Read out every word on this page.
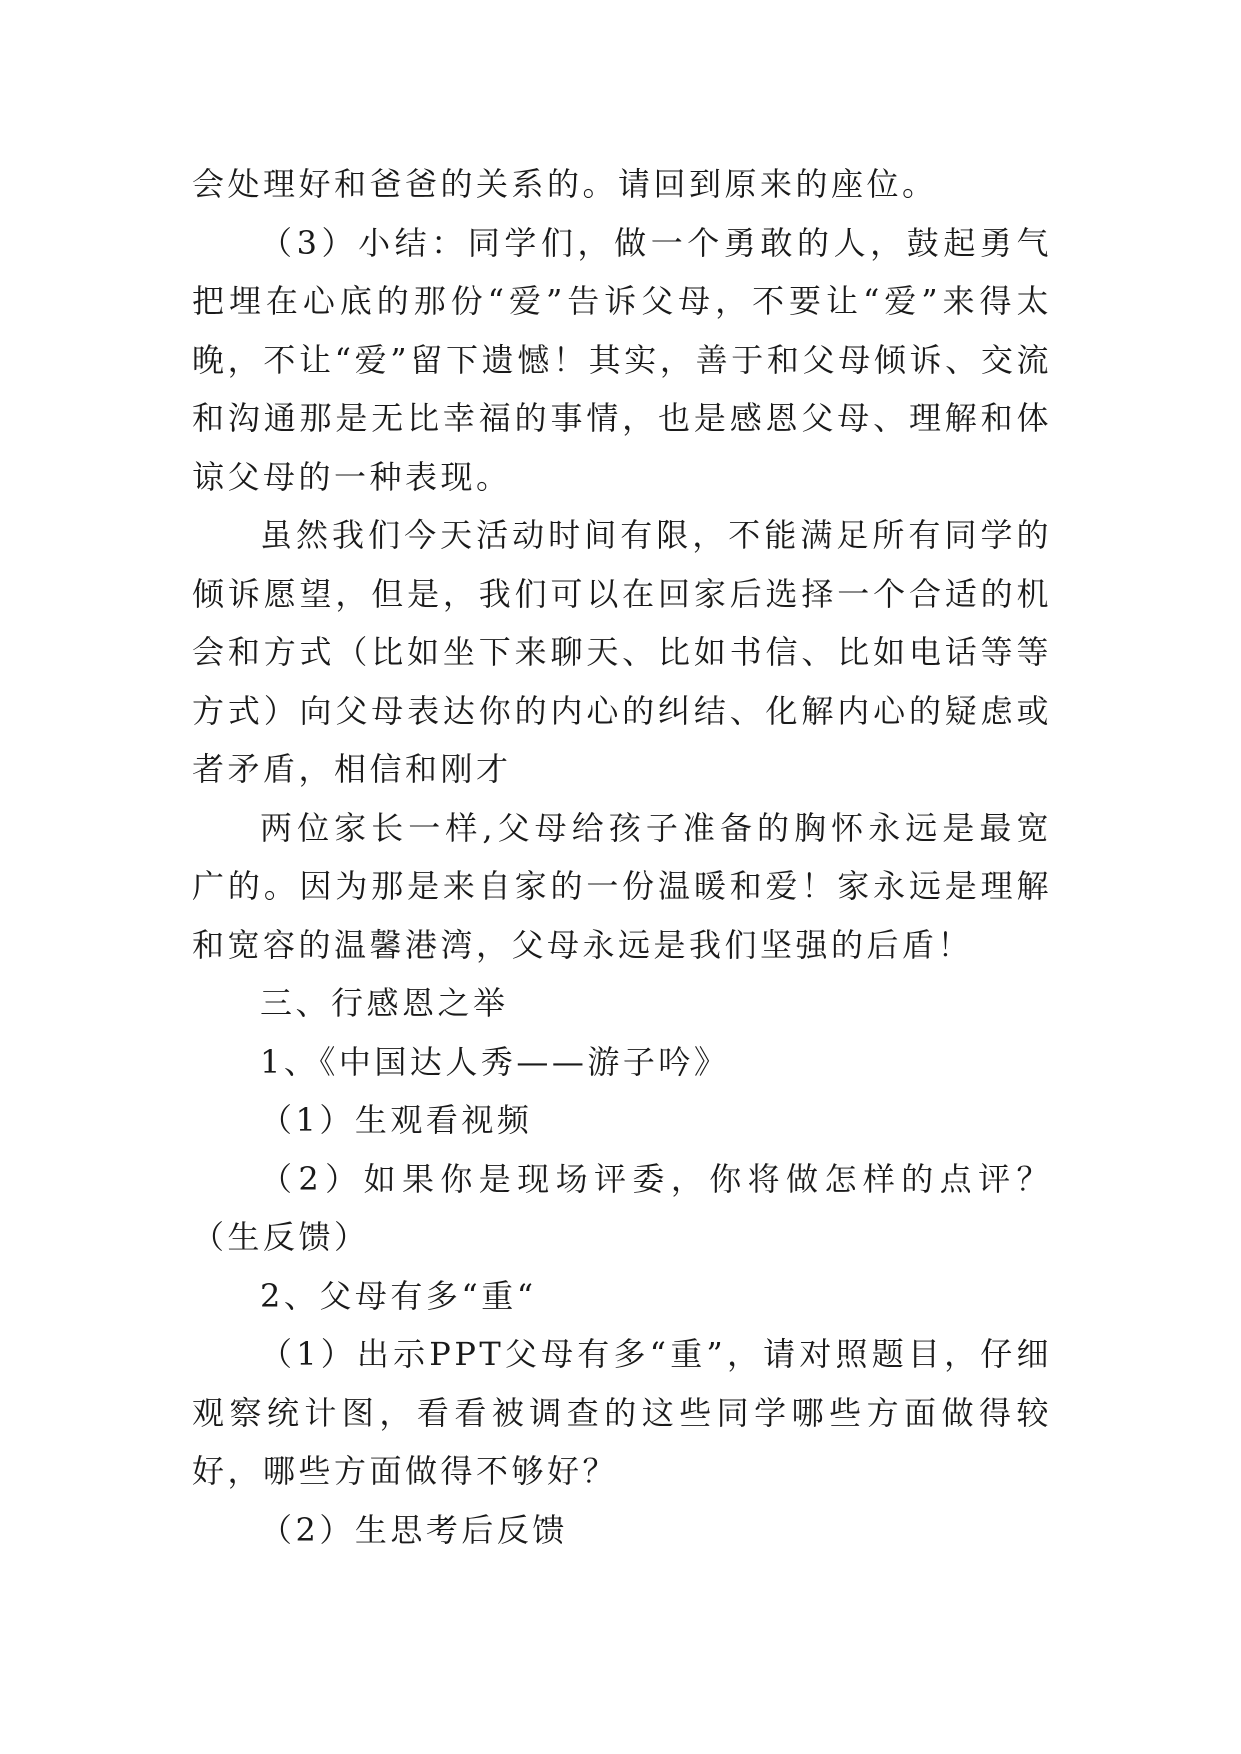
会处理好和爸爸的关系的。请回到原来的座位。

（3）小结：同学们，做一个勇敢的人，鼓起勇气把埋在心底的那份“爱”告诉父母，不要让“爱”来得太晚，不让“爱”留下遗憾！其实，善于和父母倾诉、交流和沟通那是无比幸福的事情，也是感恩父母、理解和体谅父母的一种表现。

虽然我们今天活动时间有限，不能满足所有同学的倾诉愿望，但是，我们可以在回家后选择一个合适的机会和方式（比如坐下来聊天、比如书信、比如电话等等方式）向父母表达你的内心的纠结、化解内心的疑虑或者矛盾，相信和刚才

两位家长一样,父母给孩子准备的胸怀永远是最宽广的。因为那是来自家的一份温暖和爱！家永远是理解和宽容的温馨港湾，父母永远是我们坚强的后盾！

三、行感恩之举

1、《中国达人秀——游子吟》

（1）生观看视频

（2）如果你是现场评委，你将做怎样的点评？（生反馈）

2、父母有多“重“

（1）出示PPT父母有多“重”，请对照题目，仔细观察统计图，看看被调查的这些同学哪些方面做得较好，哪些方面做得不够好？

（2）生思考后反馈
